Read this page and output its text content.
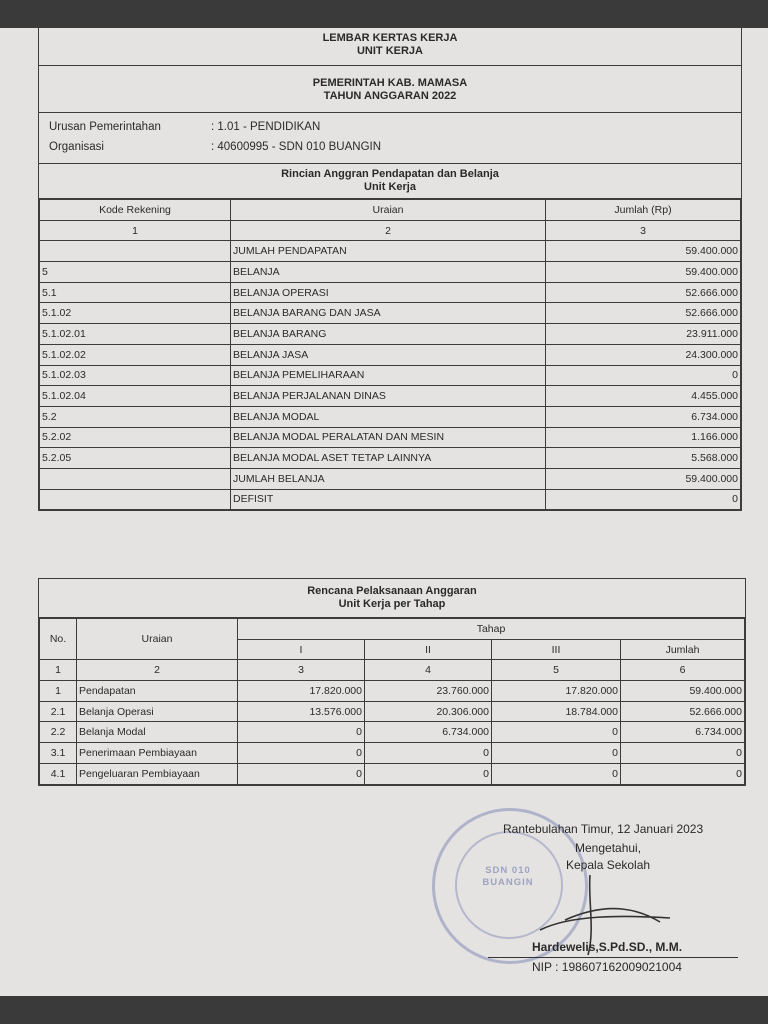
LEMBAR KERTAS KERJA
UNIT KERJA
PEMERINTAH KAB. MAMASA
TAHUN ANGGARAN 2022
Urusan Pemerintahan	: 1.01 - PENDIDIKAN
Organisasi	: 40600995 - SDN 010 BUANGIN
Rincian Anggran Pendapatan dan Belanja
Unit Kerja
Kode Rekening	Uraian	Jumlah (Rp)
1	2	3
	JUMLAH PENDAPATAN	59.400.000
5	BELANJA	59.400.000
5.1	BELANJA OPERASI	52.666.000
5.1.02	BELANJA BARANG DAN JASA	52.666.000
5.1.02.01	BELANJA BARANG	23.911.000
5.1.02.02	BELANJA JASA	24.300.000
5.1.02.03	BELANJA PEMELIHARAAN	0
5.1.02.04	BELANJA PERJALANAN DINAS	4.455.000
5.2	BELANJA MODAL	6.734.000
5.2.02	BELANJA MODAL PERALATAN DAN MESIN	1.166.000
5.2.05	BELANJA MODAL ASET TETAP LAINNYA	5.568.000
	JUMLAH BELANJA	59.400.000
	DEFISIT	0
Rencana Pelaksanaan Anggaran
Unit Kerja per Tahap
No.	Uraian	Tahap			
		I	II	III	Jumlah
1	2	3	4	5	6
1	Pendapatan	17.820.000	23.760.000	17.820.000	59.400.000
2.1	Belanja Operasi	13.576.000	20.306.000	18.784.000	52.666.000
2.2	Belanja Modal	0	6.734.000	0	6.734.000
3.1	Penerimaan Pembiayaan	0	0	0	0
4.1	Pengeluaran Pembiayaan	0	0	0	0
SDN 010 BUANGIN
Rantebulahan Timur, 12 Januari 2023
Mengetahui,
Kepala Sekolah
Hardewelis,S.Pd.SD., M.M.
NIP : 198607162009021004
